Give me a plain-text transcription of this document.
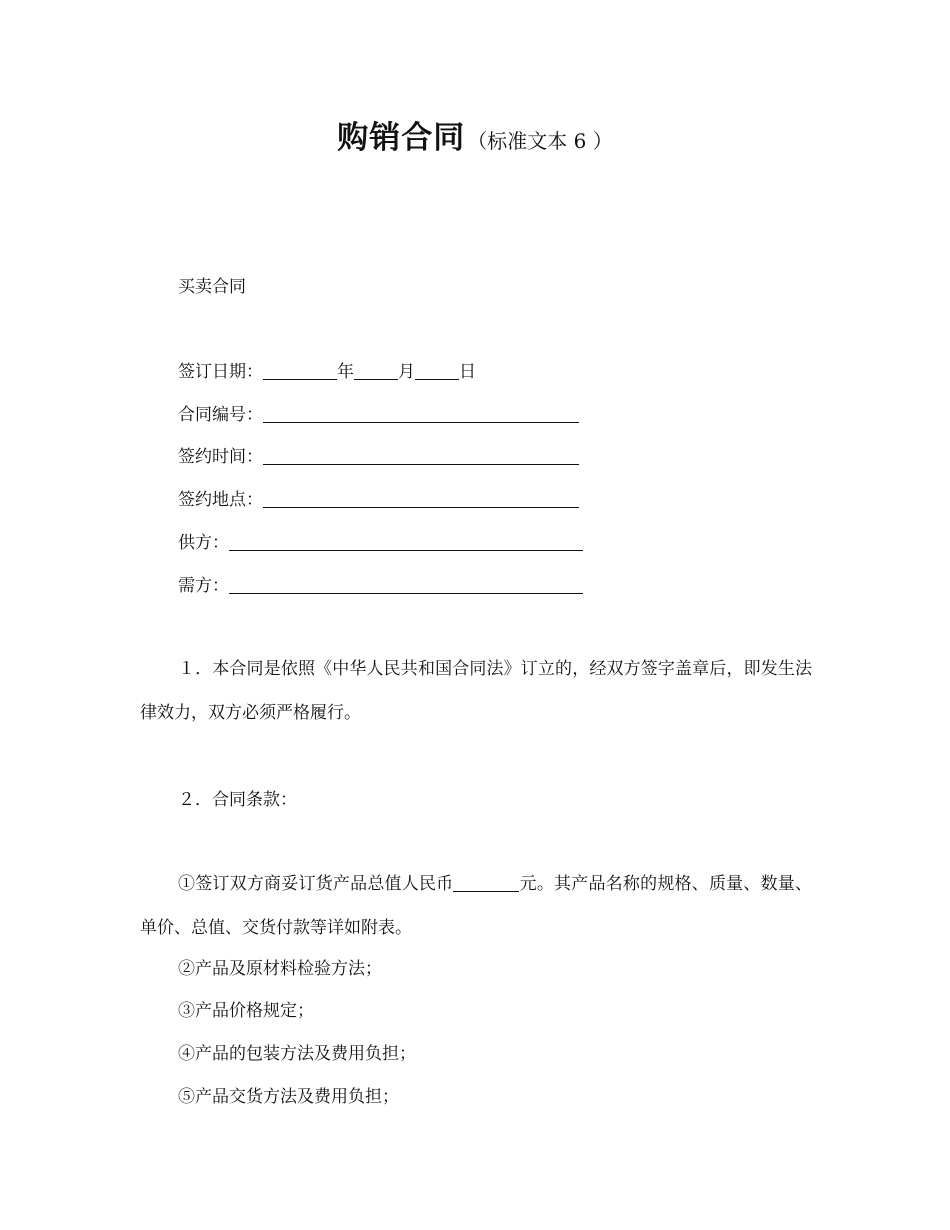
购销合同 （标准文本 6 ）
买卖合同
签订日期：	年	月	日
合同编号：
签约时间：
签约地点：
供方：
需方：
１．本合同是依照《中华人民共和国合同法》订立的，经双方签字盖章后，即发生法律效力，双方必须严格履行。
２．合同条款：
①签订双方商妥订货产品总值人民币	元。其产品名称的规格、质量、数量、单价、总值、交货付款等详如附表。
②产品及原材料检验方法；
③产品价格规定；
④产品的包装方法及费用负担；
⑤产品交货方法及费用负担；
